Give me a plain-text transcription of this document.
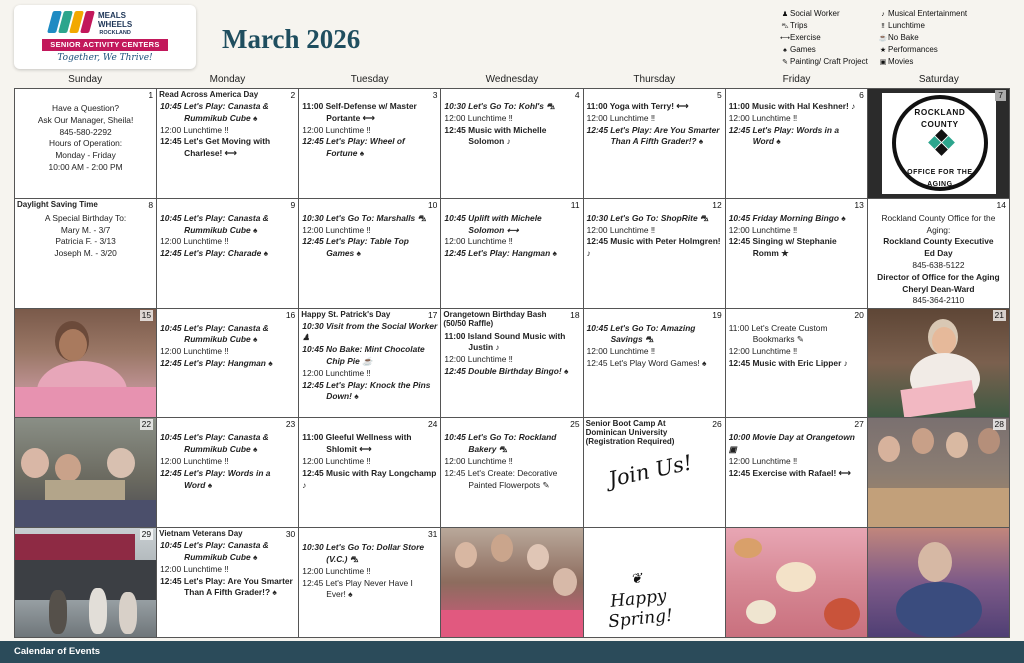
MEALS
WHEELS
ROCKLAND
SENIOR ACTIVITY CENTERS
Together, We Thrive!
March 2026
♟ Social Worker
⛍Trips
⟷Exercise
♠ Games
✎ Painting/ Craft Project
♪ Musical Entertainment
‼ Lunchtime
☕No Bake
★ Performances
▣ Movies
Sunday	Monday	Tuesday	Wednesday	Thursday	Friday	Saturday
1
Have a Question?
Ask Our Manager, Sheila!
845-580-2292
Hours of Operation:
Monday - Friday
10:00 AM - 2:00 PM
2
Read Across America Day
10:45 Let's Play: Canasta &
Rummikub Cube ♠
12:00 Lunchtime ‼
12:45 Let's Get Moving with
Charlese! ⟷
3
11:00 Self-Defense w/ Master
Portante ⟷
12:00 Lunchtime ‼
12:45 Let's Play: Wheel of
Fortune ♠
4
10:30 Let's Go To: Kohl's ⛍
12:00 Lunchtime ‼
12:45 Music with Michelle
Solomon ♪
5
11:00 Yoga with Terry! ⟷
12:00 Lunchtime ‼
12:45 Let's Play: Are You Smarter
Than A Fifth Grader!? ♠
6
11:00 Music with Hal Keshner! ♪
12:00 Lunchtime ‼
12:45 Let's Play: Words in a
Word ♠
7
ROCKLAND COUNTY
OFFICE FOR THE AGING
8
Daylight Saving Time
A Special Birthday To:
Mary M. - 3/7
Patricia F. - 3/13
Joseph M. - 3/20
9
10:45 Let's Play: Canasta &
Rummikub Cube ♠
12:00 Lunchtime ‼
12:45 Let's Play: Charade ♠
10
10:30 Let's Go To: Marshalls ⛍
12:00 Lunchtime ‼
12:45 Let's Play: Table Top
Games ♠
11
10:45 Uplift with Michele
Solomon ⟷
12:00 Lunchtime ‼
12:45 Let's Play: Hangman ♠
12
10:30 Let's Go To: ShopRite ⛍
12:00 Lunchtime ‼
12:45 Music with Peter Holmgren! ♪
13
10:45 Friday Morning Bingo ♠
12:00 Lunchtime ‼
12:45 Singing w/ Stephanie
Romm ★
14
Rockland County Office for the
Aging:
Rockland County Executive
Ed Day
845-638-5122
Director of Office for the Aging
Cheryl Dean-Ward
845-364-2110
15	16
10:45 Let's Play: Canasta &
Rummikub Cube ♠
12:00 Lunchtime ‼
12:45 Let's Play: Hangman ♠
17
Happy St. Patrick's Day
10:30 Visit from the Social Worker ♟
10:45 No Bake: Mint Chocolate
Chip Pie ☕
12:00 Lunchtime ‼
12:45 Let's Play: Knock the Pins
Down! ♠
18
Orangetown Birthday Bash (50/50 Raffle)
11:00 Island Sound Music with
Justin ♪
12:00 Lunchtime ‼
12:45 Double Birthday Bingo! ♠
19
10:45 Let's Go To: Amazing
Savings ⛍
12:00 Lunchtime ‼
12:45 Let's Play Word Games! ♠
20
11:00 Let's Create Custom
Bookmarks ✎
12:00 Lunchtime ‼
12:45 Music with Eric Lipper ♪
21
22	23
10:45 Let's Play: Canasta &
Rummikub Cube ♠
12:00 Lunchtime ‼
12:45 Let's Play: Words in a
Word ♠
24
11:00 Gleeful Wellness with
Shlomit ⟷
12:00 Lunchtime ‼
12:45 Music with Ray Longchamp ♪
25
10:45 Let's Go To: Rockland
Bakery ⛍
12:00 Lunchtime ‼
12:45 Let's Create: Decorative
Painted Flowerpots ✎
26
Senior Boot Camp At Dominican University (Registration Required)
Join Us!
27
10:00 Movie Day at Orangetown ▣
12:00 Lunchtime ‼
12:45 Exercise with Rafael! ⟷
28
29	30
Vietnam Veterans Day
10:45 Let's Play: Canasta &
Rummikub Cube ♠
12:00 Lunchtime ‼
12:45 Let's Play: Are You Smarter
Than A Fifth Grader!? ♠
31
10:30 Let's Go To: Dollar Store
(V.C.) ⛍
12:00 Lunchtime ‼
12:45 Let's Play Never Have I
Ever! ♠
❦
Happy
Spring!
Calendar of Events
